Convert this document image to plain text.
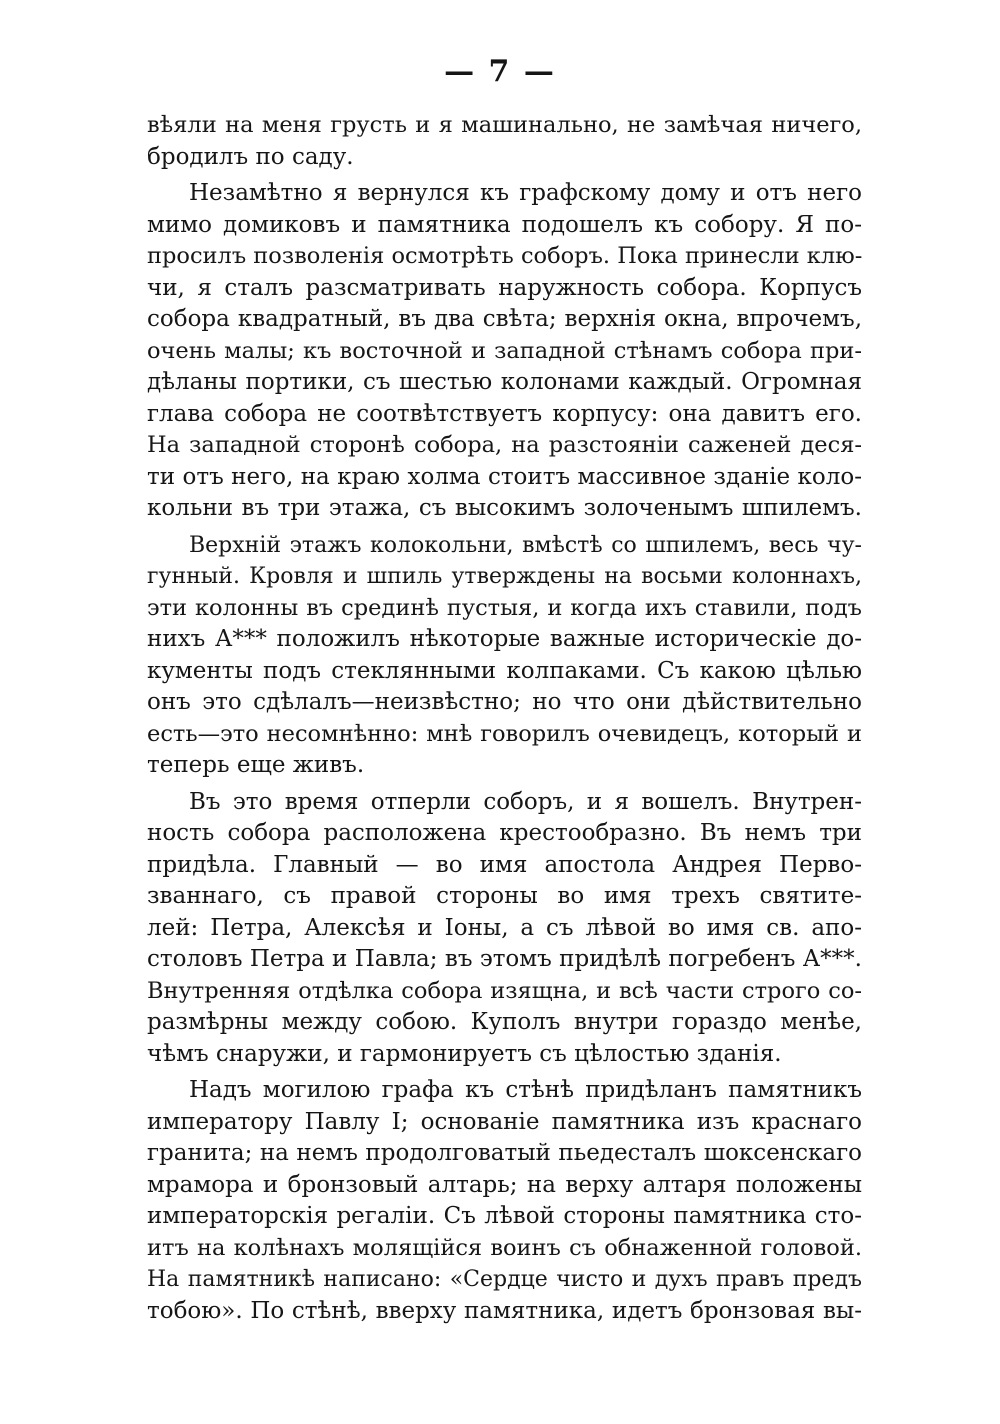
— 7 —
вѣяли на меня грусть и я машинально, не замѣчая ничего,
бродилъ по саду.
Незамѣтно я вернулся къ графскому дому и отъ него
мимо домиковъ и памятника подошелъ къ собору. Я по-
просилъ позволенія осмотрѣть соборъ. Пока принесли клю-
чи, я сталъ разсматривать наружность собора. Корпусъ
собора квадратный, въ два свѣта; верхнія окна, впрочемъ,
очень малы; къ восточной и западной стѣнамъ собора при-
дѣланы портики, съ шестью колонами каждый. Огромная
глава собора не соотвѣтствуетъ корпусу: она давитъ его.
На западной сторонѣ собора, на разстояніи саженей деся-
ти отъ него, на краю холма стоитъ массивное зданіе коло-
кольни въ три этажа, съ высокимъ золоченымъ шпилемъ.
Верхній этажъ колокольни, вмѣстѣ со шпилемъ, весь чу-
гунный. Кровля и шпиль утверждены на восьми колоннахъ,
эти колонны въ срединѣ пустыя, и когда ихъ ставили, подъ
нихъ А*** положилъ нѣкоторые важные историческіе до-
кументы подъ стеклянными колпаками. Съ какою цѣлью
онъ это сдѣлалъ—неизвѣстно; но что они дѣйствительно
есть—это несомнѣнно: мнѣ говорилъ очевидецъ, который и
теперь еще живъ.
Въ это время отперли соборъ, и я вошелъ. Внутрен-
ность собора расположена крестообразно. Въ немъ три
придѣла. Главный — во имя апостола Андрея Перво-
званнаго, съ правой стороны во имя трехъ святите-
лей: Петра, Алексѣя и Іоны, а съ лѣвой во имя св. апо-
столовъ Петра и Павла; въ этомъ придѣлѣ погребенъ А***.
Внутренняя отдѣлка собора изящна, и всѣ части строго со-
размѣрны между собою. Куполъ внутри гораздо менѣе,
чѣмъ снаружи, и гармонируетъ съ цѣлостью зданія.
Надъ могилою графа къ стѣнѣ придѣланъ памятникъ
императору Павлу I; основаніе памятника изъ краснаго
гранита; на немъ продолговатый пьедесталъ шоксенскаго
мрамора и бронзовый алтарь; на верху алтаря положены
императорскія регаліи. Съ лѣвой стороны памятника сто-
итъ на колѣнахъ молящійся воинъ съ обнаженной головой.
На памятникѣ написано: «Сердце чисто и духъ правъ предъ
тобою». По стѣнѣ, вверху памятника, идетъ бронзовая вы-
